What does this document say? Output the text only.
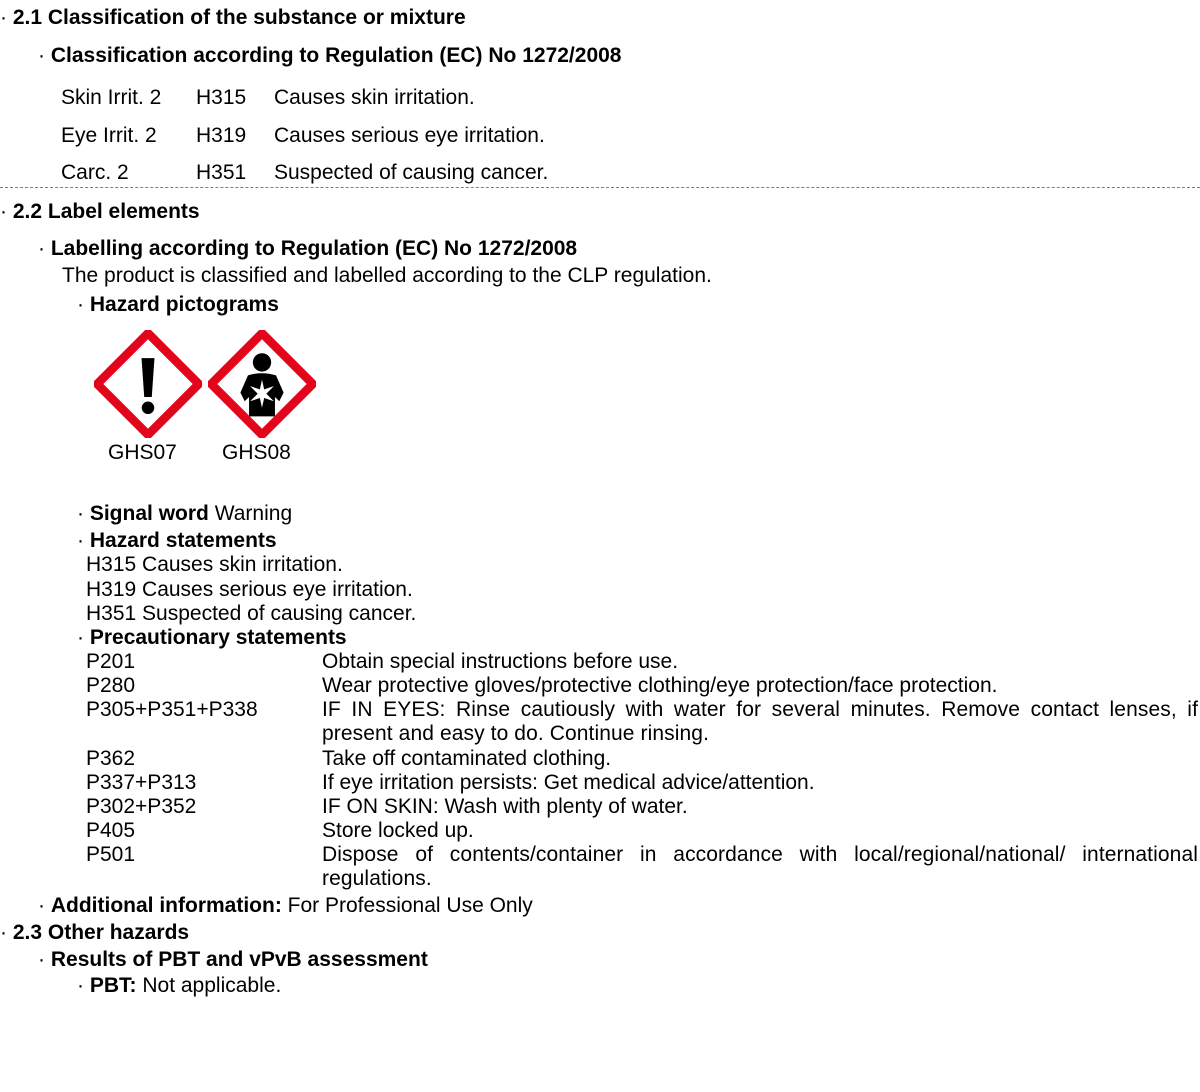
· 2.1 Classification of the substance or mixture
· Classification according to Regulation (EC) No 1272/2008
Skin Irrit. 2 H315 Causes skin irritation.
Eye Irrit. 2 H319 Causes serious eye irritation.
Carc. 2	H351 Suspected of causing cancer.
· 2.2 Label elements
· Labelling according to Regulation (EC) No 1272/2008
The product is classified and labelled according to the CLP regulation.
· Hazard pictograms
GHS07 GHS08
· Signal word Warning
· Hazard statements
H315 Causes skin irritation.
H319 Causes serious eye irritation.
H351 Suspected of causing cancer.
· Precautionary statements
P201	Obtain special instructions before use.
P280	Wear protective gloves/protective clothing/eye protection/face protection.
P305+P351+P338	IF IN EYES: Rinse cautiously with water for several minutes. Remove contact lenses, if present and easy to do. Continue rinsing.
P362	Take off contaminated clothing.
P337+P313	If eye irritation persists: Get medical advice/attention.
P302+P352	IF ON SKIN: Wash with plenty of water.
P405	Store locked up.
P501	Dispose of contents/container in accordance with local/regional/national/ international regulations.
· Additional information: For Professional Use Only
· 2.3 Other hazards
· Results of PBT and vPvB assessment
· PBT: Not applicable.
